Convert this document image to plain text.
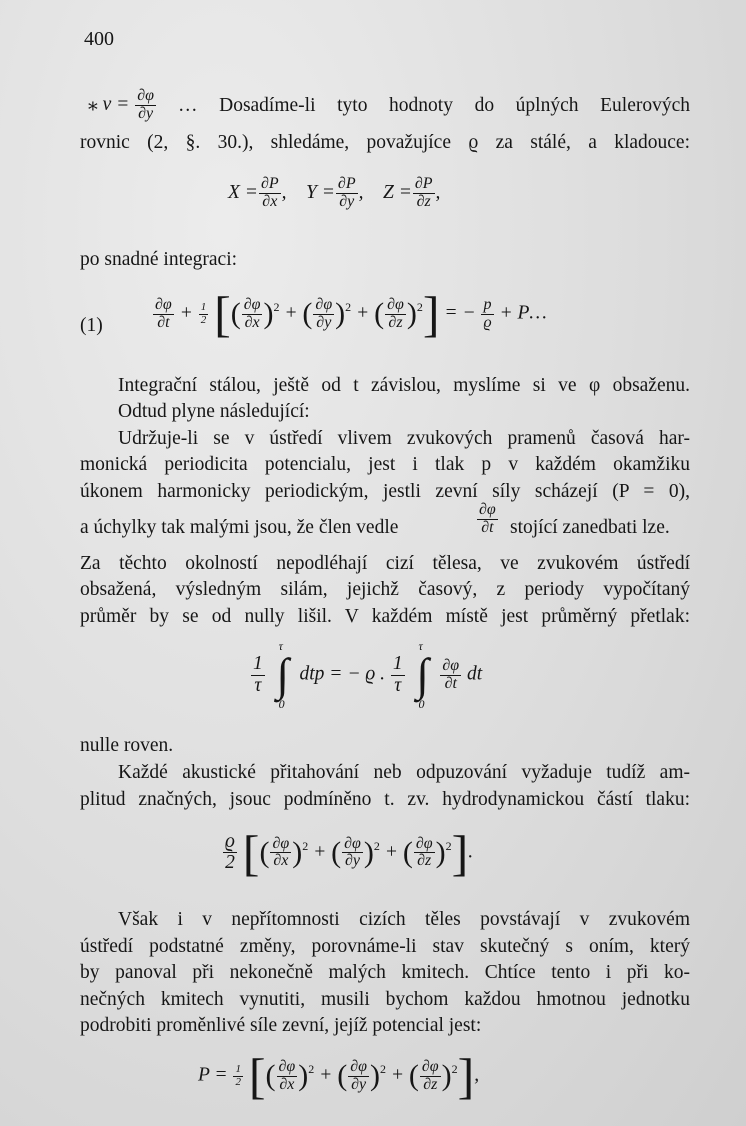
400
⁎ $v = \frac{\partial\varphi}{\partial y}$ … Dosadíme-li tyto hodnoty do úplných Eulerových
rovnic (2, §. 30.), shledáme, považujíce ϱ za stálé, a kladouce:
$X = \frac{\partial P}{\partial x}$ ,    $Y = \frac{\partial P}{\partial y}$ ,    $Z = \frac{\partial P}{\partial z}$ ,
po snadné integraci:
(1)	$\frac{\partial\varphi}{\partial t} + \frac{1}{2}$ [( $\frac{\partial\varphi}{\partial x} )^2$ + ( $\frac{\partial\varphi}{\partial y} )^2$ + ( $\frac{\partial\varphi}{\partial z} )^2$] = − $\frac{p}{ϱ}$ + P…
Integrační stálou, ještě od t závislou, myslíme si ve φ obsaženu.
Odtud plyne následující:
Udržuje-li se v ústředí vlivem zvukových pramenů časová har-
monická periodicita potencialu, jest i tlak p v každém okamžiku
úkonem harmonicky periodickým, jestli zevní síly scházejí (P = 0),
a úchylky tak malými jsou, že člen vedle	$\frac{\partial\varphi}{\partial t}$ stojící zanedbati lze.
Za těchto okolností nepodléhají cizí tělesa, ve zvukovém ústředí
obsažená, výsledným silám, jejichž časový, z periody vypočítaný
průměr by se od nully lišil. V každém místě jest průměrný přetlak:
$\frac{1}{\tau}$ ∫
τ
0
dtp = − ϱ . $\frac{1}{\tau}$ ∫
τ
0

$\frac{\partial\varphi}{\partial t}$ dt
nulle roven.
Každé akustické přitahování neb odpuzování vyžaduje tudíž am-
plitud značných, jsouc podmíněno t. zv. hydrodynamickou částí tlaku:
$\frac{ϱ}{2}$ [( $\frac{\partial\varphi}{\partial x} )^2$ + ( $\frac{\partial\varphi}{\partial y} )^2$ + ( $\frac{\partial\varphi}{\partial z} )^2$].
Však i v nepřítomnosti cizích těles povstávají v zvukovém
ústředí podstatné změny, porovnáme-li stav skutečný s oním, který
by panoval při nekonečně malých kmitech. Chtíce tento i při ko-
nečných kmitech vynutiti, musili bychom každou hmotnou jednotku
podrobiti proměnlivé síle zevní, jejíž potencial jest:
$P = \frac{1}{2}$ [( $\frac{\partial\varphi}{\partial x} )^2$ + ( $\frac{\partial\varphi}{\partial y} )^2$ + ( $\frac{\partial\varphi}{\partial z} )^2$],
